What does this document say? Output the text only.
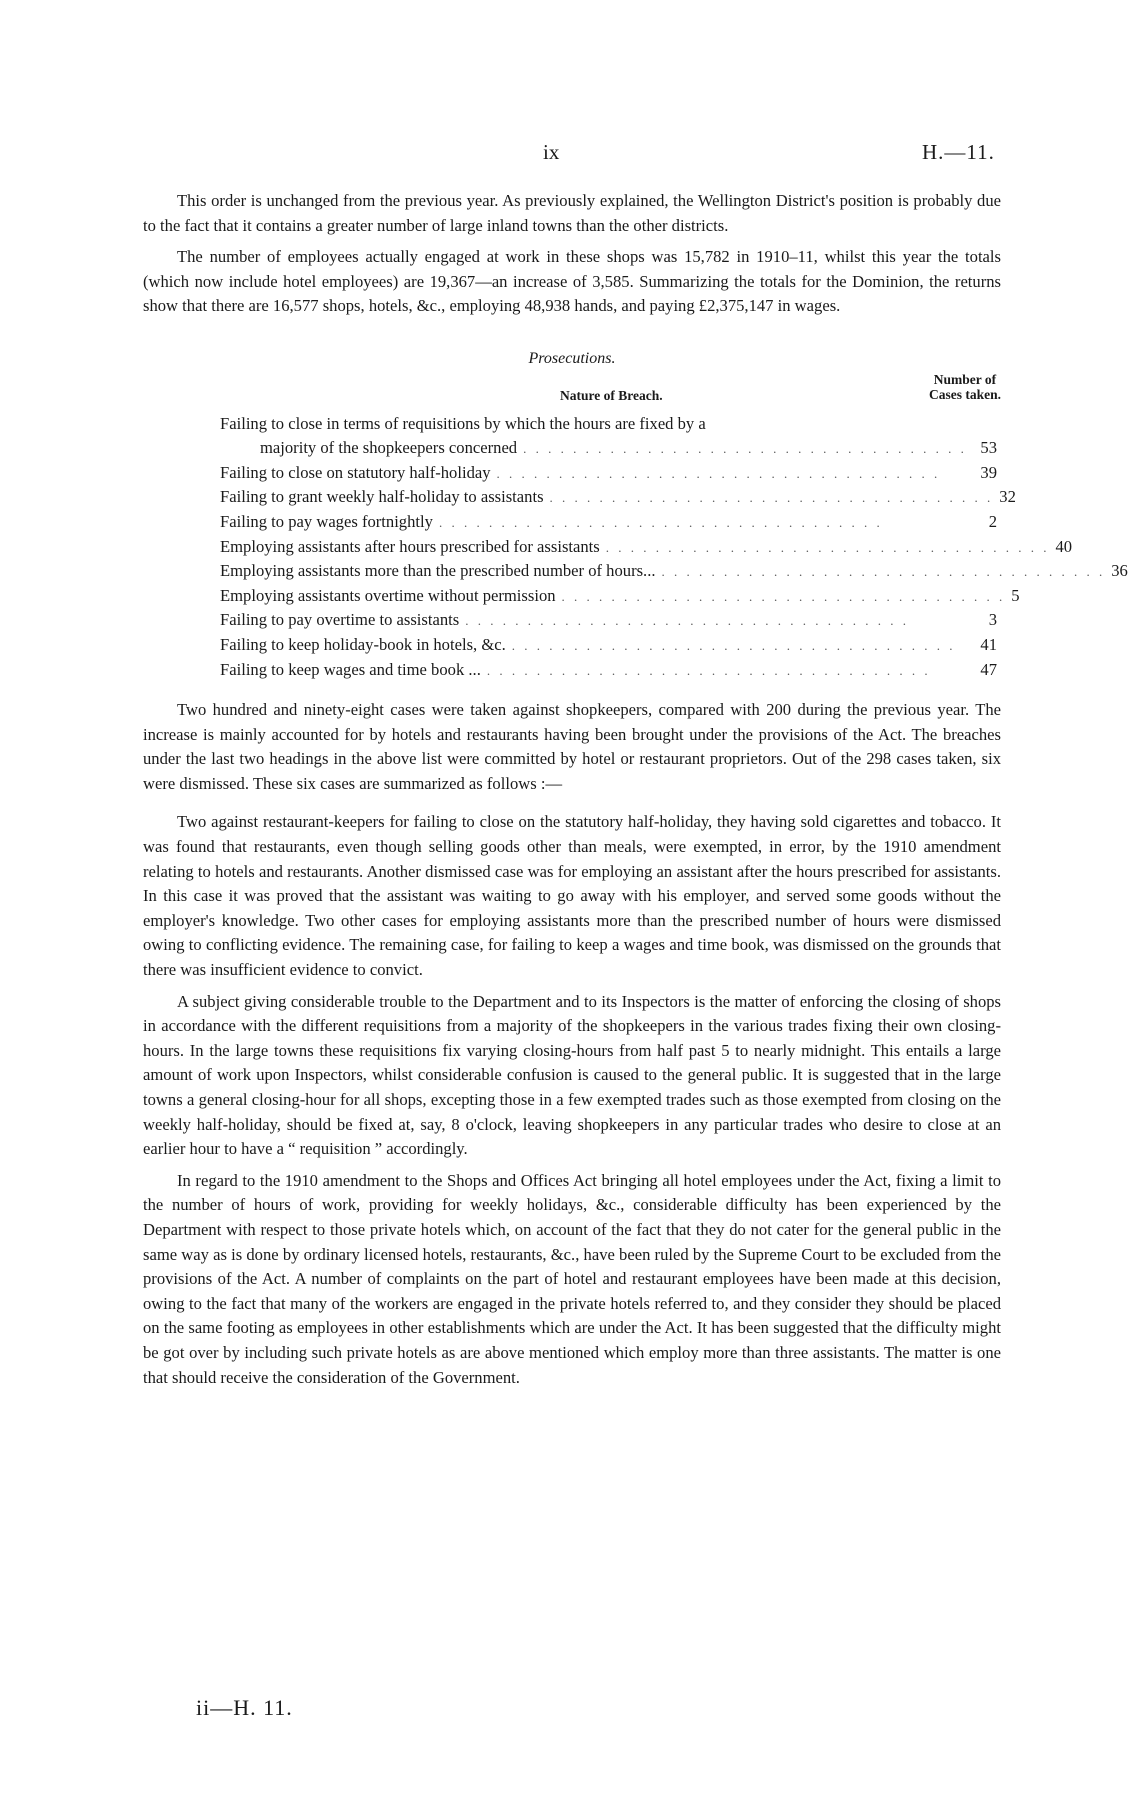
ix	H.—11.

This order is unchanged from the previous year. As previously explained, the Wellington District's position is probably due to the fact that it contains a greater number of large inland towns than the other districts.

The number of employees actually engaged at work in these shops was 15,782 in 1910–11, whilst this year the totals (which now include hotel employees) are 19,367—an increase of 3,585. Summarizing the totals for the Dominion, the returns show that there are 16,577 shops, hotels, &c., employing 48,938 hands, and paying £2,375,147 in wages.

Prosecutions.
Nature of Breach.
Number of
Cases taken.
Failing to close in terms of requisitions by which the hours are fixed by a
majority of the shopkeepers concerned . . . . . . . . . . . . . . . . . . . . . . . . . . . . . . . . . . . . 53
Failing to close on statutory half-holiday . . . . . . . . . . . . . . . . . . . . . . . . . . . . . . . . . . . .	39
Failing to grant weekly half-holiday to assistants . . . . . . . . . . . . . . . . . . . . . . . . . . . . . . . . . . . . 32
Failing to pay wages fortnightly . . . . . . . . . . . . . . . . . . . . . . . . . . . . . . . . . . . .	2
Employing assistants after hours prescribed for assistants . . . . . . . . . . . . . . . . . . . . . . . . . . . . . . . . . . . . 40
Employing assistants more than the prescribed number of hours... . . . . . . . . . . . . . . . . . . . . . . . . . . . . . . . . . . . . 36
Employing assistants overtime without permission . . . . . . . . . . . . . . . . . . . . . . . . . . . . . . . . . . . . 5
Failing to pay overtime to assistants . . . . . . . . . . . . . . . . . . . . . . . . . . . . . . . . . . . .	3
Failing to keep holiday-book in hotels, &c. . . . . . . . . . . . . . . . . . . . . . . . . . . . . . . . . . . . .	41
Failing to keep wages and time book ... . . . . . . . . . . . . . . . . . . . . . . . . . . . . . . . . . . . .	47

Two hundred and ninety-eight cases were taken against shopkeepers, compared with 200 during the previous year. The increase is mainly accounted for by hotels and restaurants having been brought under the provisions of the Act. The breaches under the last two headings in the above list were committed by hotel or restaurant proprietors. Out of the 298 cases taken, six were dismissed. These six cases are summarized as follows :—

Two against restaurant-keepers for failing to close on the statutory half-holiday, they having sold cigarettes and tobacco. It was found that restaurants, even though selling goods other than meals, were exempted, in error, by the 1910 amendment relating to hotels and restaurants. Another dismissed case was for employing an assistant after the hours prescribed for assistants. In this case it was proved that the assistant was waiting to go away with his employer, and served some goods without the employer's knowledge. Two other cases for employing assistants more than the prescribed number of hours were dismissed owing to conflicting evidence. The remaining case, for failing to keep a wages and time book, was dismissed on the grounds that there was insufficient evidence to convict.

A subject giving considerable trouble to the Department and to its Inspectors is the matter of enforcing the closing of shops in accordance with the different requisitions from a majority of the shopkeepers in the various trades fixing their own closing-hours. In the large towns these requisitions fix varying closing-hours from half past 5 to nearly midnight. This entails a large amount of work upon Inspectors, whilst considerable confusion is caused to the general public. It is suggested that in the large towns a general closing-hour for all shops, excepting those in a few exempted trades such as those exempted from closing on the weekly half-holiday, should be fixed at, say, 8 o'clock, leaving shopkeepers in any particular trades who desire to close at an earlier hour to have a “ requisition ” accordingly.

In regard to the 1910 amendment to the Shops and Offices Act bringing all hotel employees under the Act, fixing a limit to the number of hours of work, providing for weekly holidays, &c., considerable difficulty has been experienced by the Department with respect to those private hotels which, on account of the fact that they do not cater for the general public in the same way as is done by ordinary licensed hotels, restaurants, &c., have been ruled by the Supreme Court to be excluded from the provisions of the Act. A number of complaints on the part of hotel and restaurant employees have been made at this decision, owing to the fact that many of the workers are engaged in the private hotels referred to, and they consider they should be placed on the same footing as employees in other establishments which are under the Act. It has been suggested that the difficulty might be got over by including such private hotels as are above mentioned which employ more than three assistants. The matter is one that should receive the consideration of the Government.

ii—H. 11.
